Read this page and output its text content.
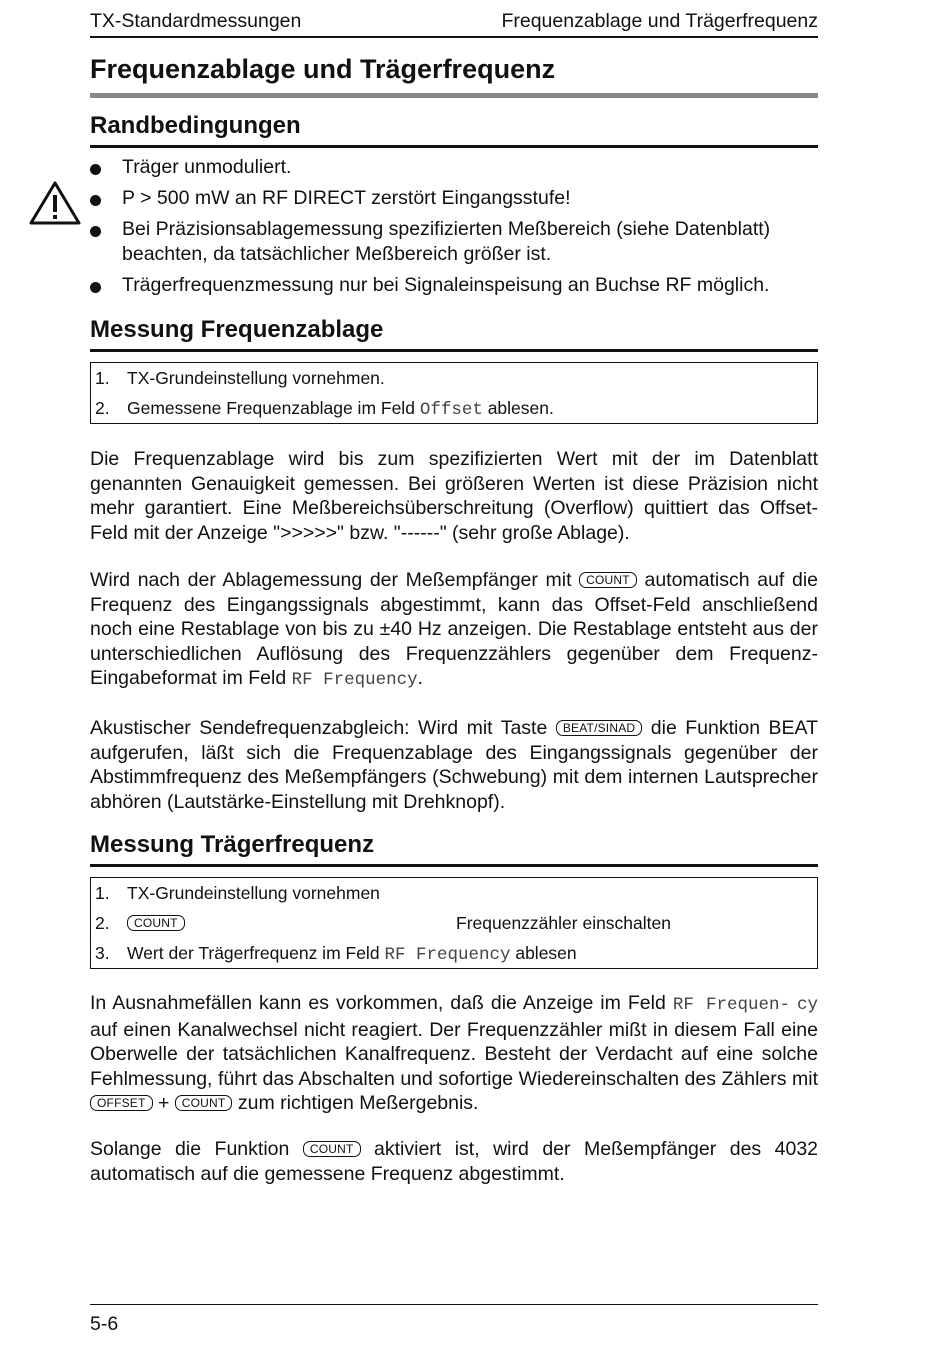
TX-Standardmessungen	Frequenzablage und Trägerfrequenz
Frequenzablage und Trägerfrequenz
Randbedingungen
Träger unmoduliert.
P > 500 mW an RF DIRECT zerstört Eingangsstufe!
Bei Präzisionsablagemessung spezifizierten Meßbereich (siehe Datenblatt) beachten, da tatsächlicher Meßbereich größer ist.
Trägerfrequenzmessung nur bei Signaleinspeisung an Buchse RF möglich.
Messung Frequenzablage
1. TX-Grundeinstellung vornehmen.
2. Gemessene Frequenzablage im Feld Offset ablesen.

Die Frequenzablage wird bis zum spezifizierten Wert mit der im Datenblatt genannten Genauigkeit gemessen. Bei größeren Werten ist diese Präzision nicht mehr garantiert. Eine Meßbereichsüberschreitung (Overflow) quittiert das Offset-Feld mit der Anzeige ">>>>>" bzw. "------" (sehr große Ablage).

Wird nach der Ablagemessung der Meßempfänger mit COUNT automatisch auf die Frequenz des Eingangssignals abgestimmt, kann das Offset-Feld anschließend noch eine Restablage von bis zu ±40 Hz anzeigen. Die Restablage entsteht aus der unterschiedlichen Auflösung des Frequenzzählers gegenüber dem Frequenz-Eingabeformat im Feld RF Frequency.

Akustischer Sendefrequenzabgleich: Wird mit Taste BEAT/SINAD die Funktion BEAT aufgerufen, läßt sich die Frequenzablage des Eingangssignals gegenüber der Abstimmfrequenz des Meßempfängers (Schwebung) mit dem internen Lautsprecher abhören (Lautstärke-Einstellung mit Drehknopf).

Messung Trägerfrequenz
1. TX-Grundeinstellung vornehmen
2.	COUNT	Frequenzzähler einschalten
3. Wert der Trägerfrequenz im Feld RF Frequency ablesen

In Ausnahmefällen kann es vorkommen, daß die Anzeige im Feld RF Frequen- cy auf einen Kanalwechsel nicht reagiert. Der Frequenzzähler mißt in diesem Fall eine Oberwelle der tatsächlichen Kanalfrequenz. Besteht der Verdacht auf eine solche Fehlmessung, führt das Abschalten und sofortige Wiedereinschalten des Zählers mit OFFSET + COUNT zum richtigen Meßergebnis.

Solange die Funktion COUNT aktiviert ist, wird der Meßempfänger des 4032 automatisch auf die gemessene Frequenz abgestimmt.

5-6
